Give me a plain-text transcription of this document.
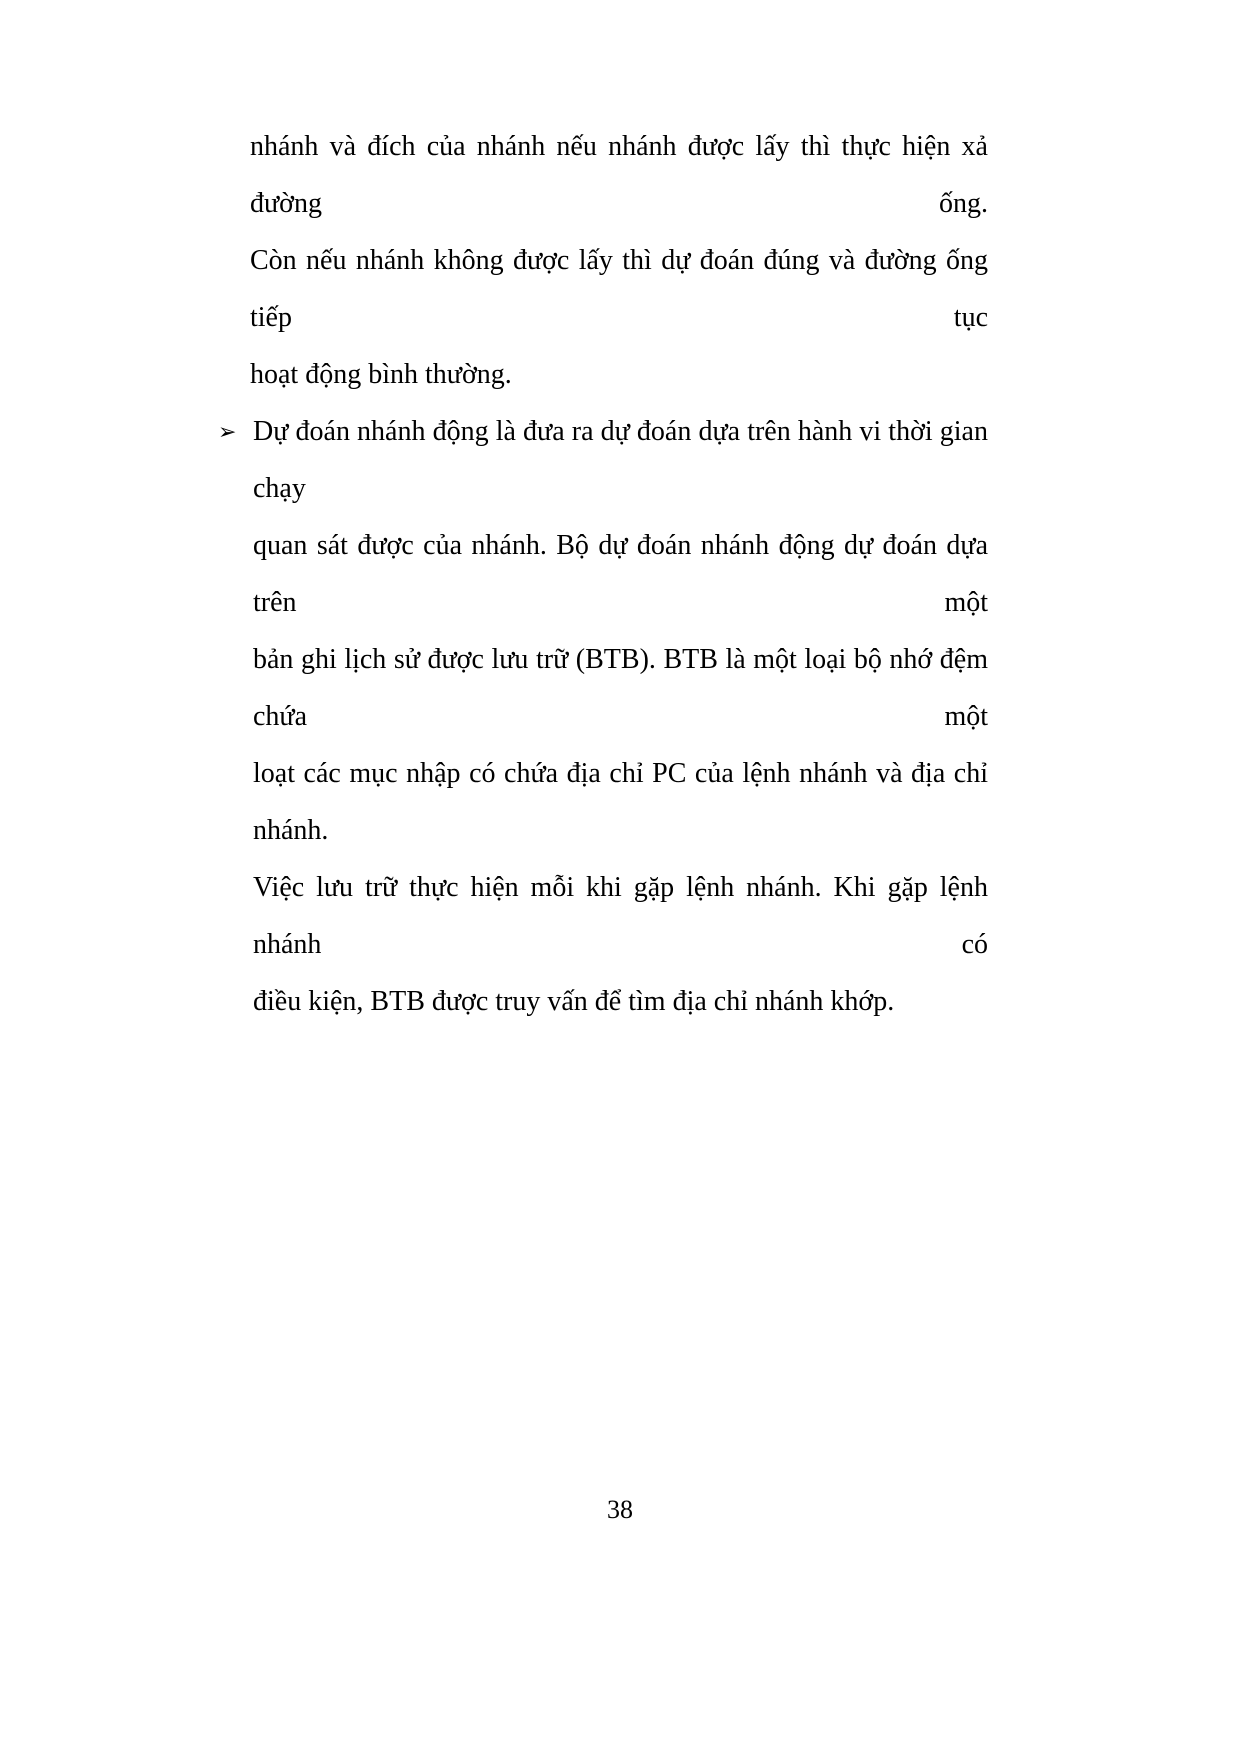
nhánh và đích của nhánh nếu nhánh được lấy thì thực hiện xả đường ống.
Còn nếu nhánh không được lấy thì dự đoán đúng và đường ống tiếp tục
hoạt động bình thường.
➢ Dự đoán nhánh động là đưa ra dự đoán dựa trên hành vi thời gian chạy
quan sát được của nhánh. Bộ dự đoán nhánh động dự đoán dựa trên một
bản ghi lịch sử được lưu trữ (BTB). BTB là một loại bộ nhớ đệm chứa một
loạt các mục nhập có chứa địa chỉ PC của lệnh nhánh và địa chỉ nhánh.
Việc lưu trữ thực hiện mỗi khi gặp lệnh nhánh. Khi gặp lệnh nhánh có
điều kiện, BTB được truy vấn để tìm địa chỉ nhánh khớp.
38
